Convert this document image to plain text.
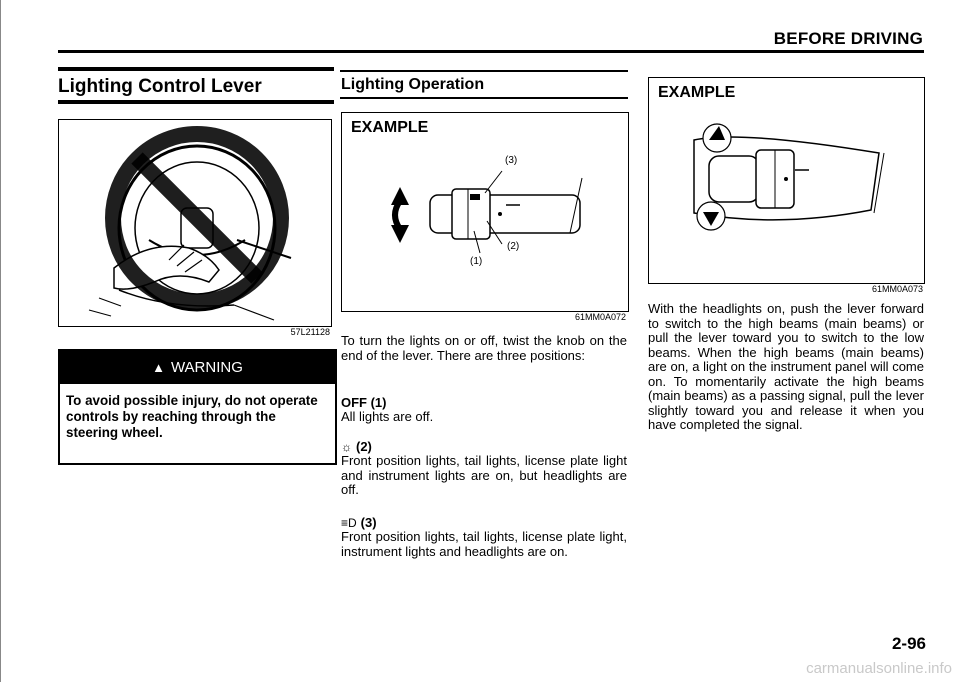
BEFORE DRIVING
Lighting Control Lever
57L21128
▲ WARNING
To avoid possible injury, do not operate controls by reaching through the steering wheel.
Lighting Operation
EXAMPLE
(3)
(2)
(1)
61MM0A072
To turn the lights on or off, twist the knob on the end of the lever. There are three positions:
OFF (1)
All lights are off.
☼ (2)
Front position lights, tail lights, license plate light and instrument lights are on, but headlights are off.
≡D (3)
Front position lights, tail lights, license plate light, instrument lights and headlights are on.
EXAMPLE
61MM0A073
With the headlights on, push the lever forward to switch to the high beams (main beams) or pull the lever toward you to switch to the low beams. When the high beams (main beams) are on, a light on the instrument panel will come on. To momentarily activate the high beams (main beams) as a passing signal, pull the lever slightly toward you and release it when you have completed the signal.
2-96
carmanualsonline.info
